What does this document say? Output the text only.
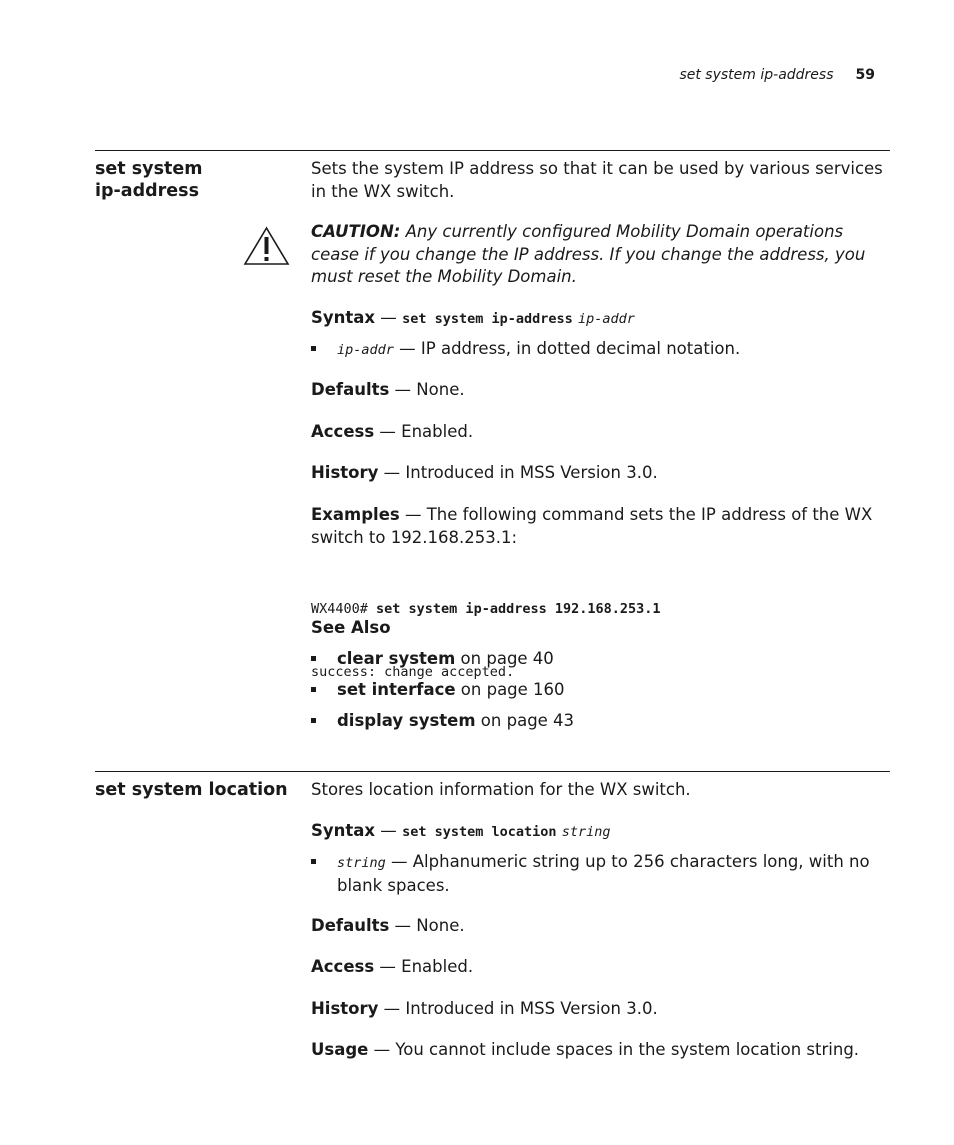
set system ip-address 59
set system
ip-address
Sets the system IP address so that it can be used by various services in the WX switch.
CAUTION: Any currently configured Mobility Domain operations cease if you change the IP address. If you change the address, you must reset the Mobility Domain.
Syntax — set system ip-address ip-addr
ip-addr — IP address, in dotted decimal notation.
Defaults — None.
Access — Enabled.
History — Introduced in MSS Version 3.0.
Examples — The following command sets the IP address of the WX switch to 192.168.253.1:

WX4400# set system ip-address 192.168.253.1

success: change accepted.

See Also
clear system on page 40
set interface on page 160
display system on page 43
set system location Stores location information for the WX switch.
Syntax — set system location string
string — Alphanumeric string up to 256 characters long, with no blank spaces.
Defaults — None.
Access — Enabled.
History — Introduced in MSS Version 3.0.
Usage — You cannot include spaces in the system location string.
